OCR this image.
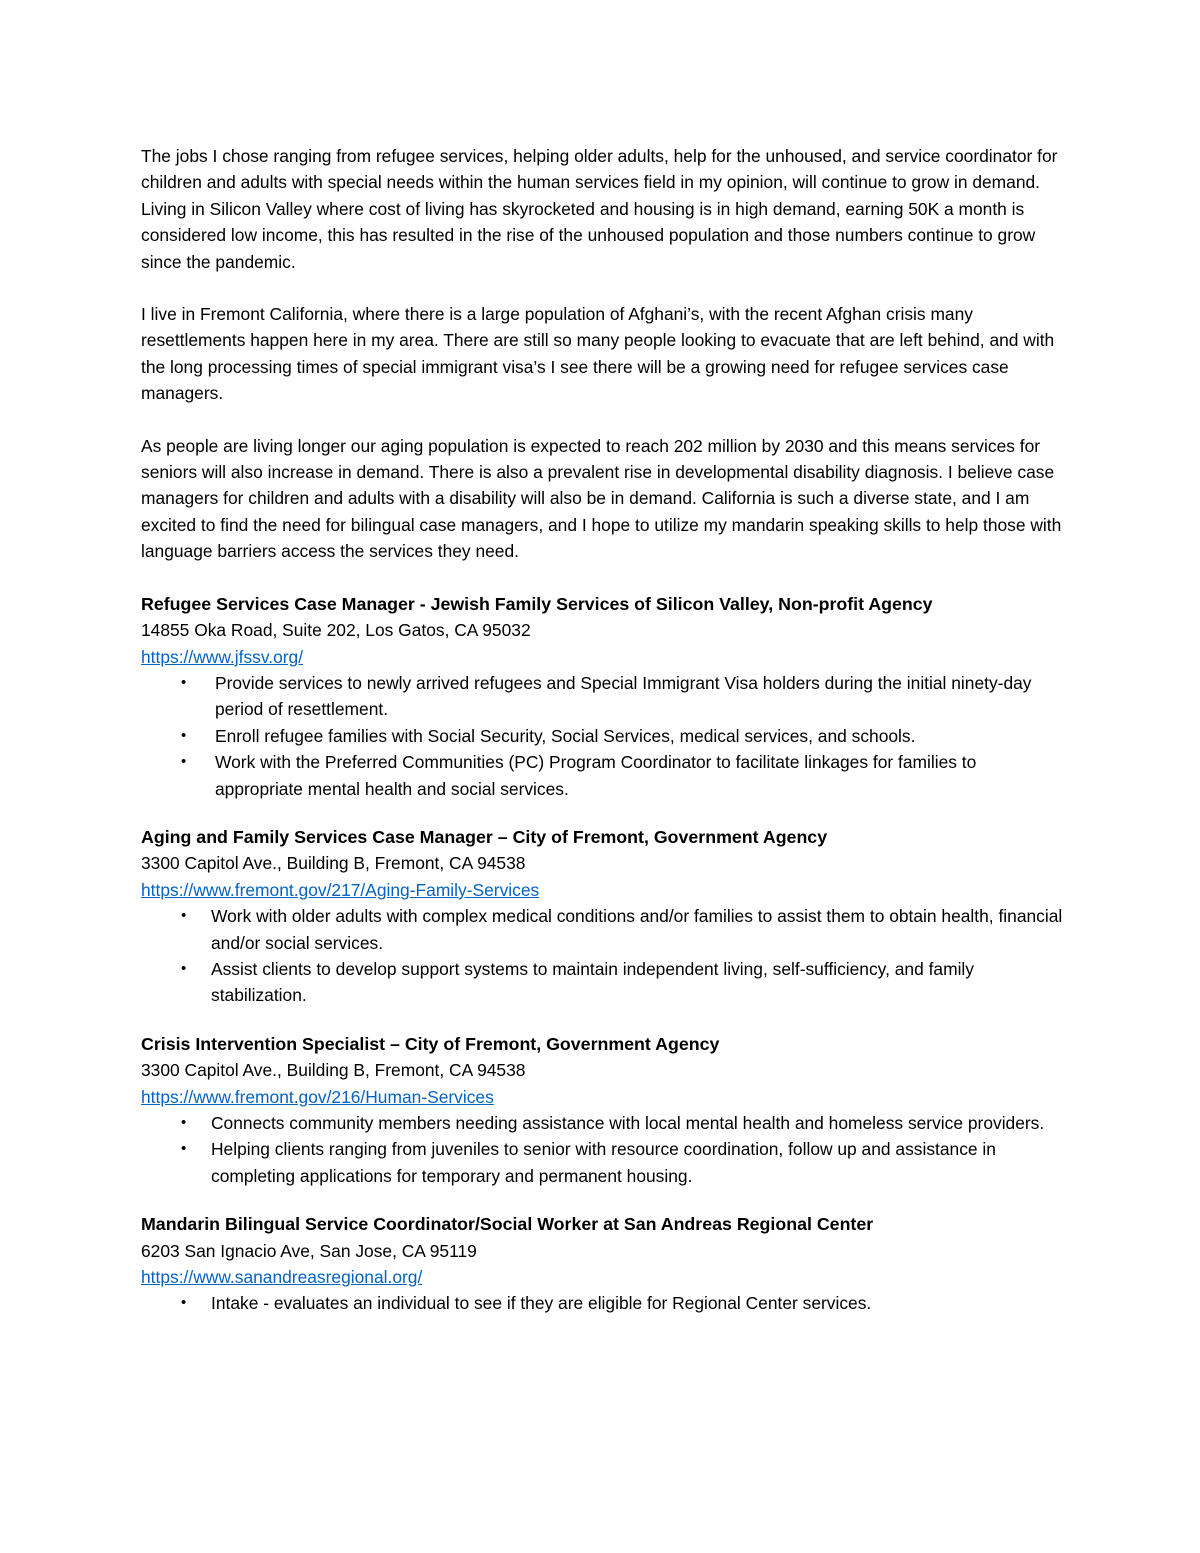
The jobs I chose ranging from refugee services, helping older adults, help for the unhoused, and service coordinator for children and adults with special needs within the human services field in my opinion, will continue to grow in demand. Living in Silicon Valley where cost of living has skyrocketed and housing is in high demand, earning 50K a month is considered low income, this has resulted in the rise of the unhoused population and those numbers continue to grow since the pandemic.

I live in Fremont California, where there is a large population of Afghani’s, with the recent Afghan crisis many resettlements happen here in my area. There are still so many people looking to evacuate that are left behind, and with the long processing times of special immigrant visa’s I see there will be a growing need for refugee services case managers.

As people are living longer our aging population is expected to reach 202 million by 2030 and this means services for seniors will also increase in demand. There is also a prevalent rise in developmental disability diagnosis. I believe case managers for children and adults with a disability will also be in demand. California is such a diverse state, and I am excited to find the need for bilingual case managers, and I hope to utilize my mandarin speaking skills to help those with language barriers access the services they need.

Refugee Services Case Manager - Jewish Family Services of Silicon Valley, Non-profit Agency
14855 Oka Road, Suite 202, Los Gatos, CA 95032
https://www.jfssv.org/
• Provide services to newly arrived refugees and Special Immigrant Visa holders during the initial ninety-day period of resettlement.
• Enroll refugee families with Social Security, Social Services, medical services, and schools.
• Work with the Preferred Communities (PC) Program Coordinator to facilitate linkages for families to appropriate mental health and social services.
Aging and Family Services Case Manager – City of Fremont, Government Agency
3300 Capitol Ave., Building B, Fremont, CA 94538
https://www.fremont.gov/217/Aging-Family-Services
• Work with older adults with complex medical conditions and/or families to assist them to obtain health, financial and/or social services.
• Assist clients to develop support systems to maintain independent living, self-sufficiency, and family stabilization.
Crisis Intervention Specialist – City of Fremont, Government Agency
3300 Capitol Ave., Building B, Fremont, CA 94538
https://www.fremont.gov/216/Human-Services
• Connects community members needing assistance with local mental health and homeless service providers.
• Helping clients ranging from juveniles to senior with resource coordination, follow up and assistance in completing applications for temporary and permanent housing.
Mandarin Bilingual Service Coordinator/Social Worker at San Andreas Regional Center
6203 San Ignacio Ave, San Jose, CA 95119
https://www.sanandreasregional.org/
• Intake - evaluates an individual to see if they are eligible for Regional Center services.
